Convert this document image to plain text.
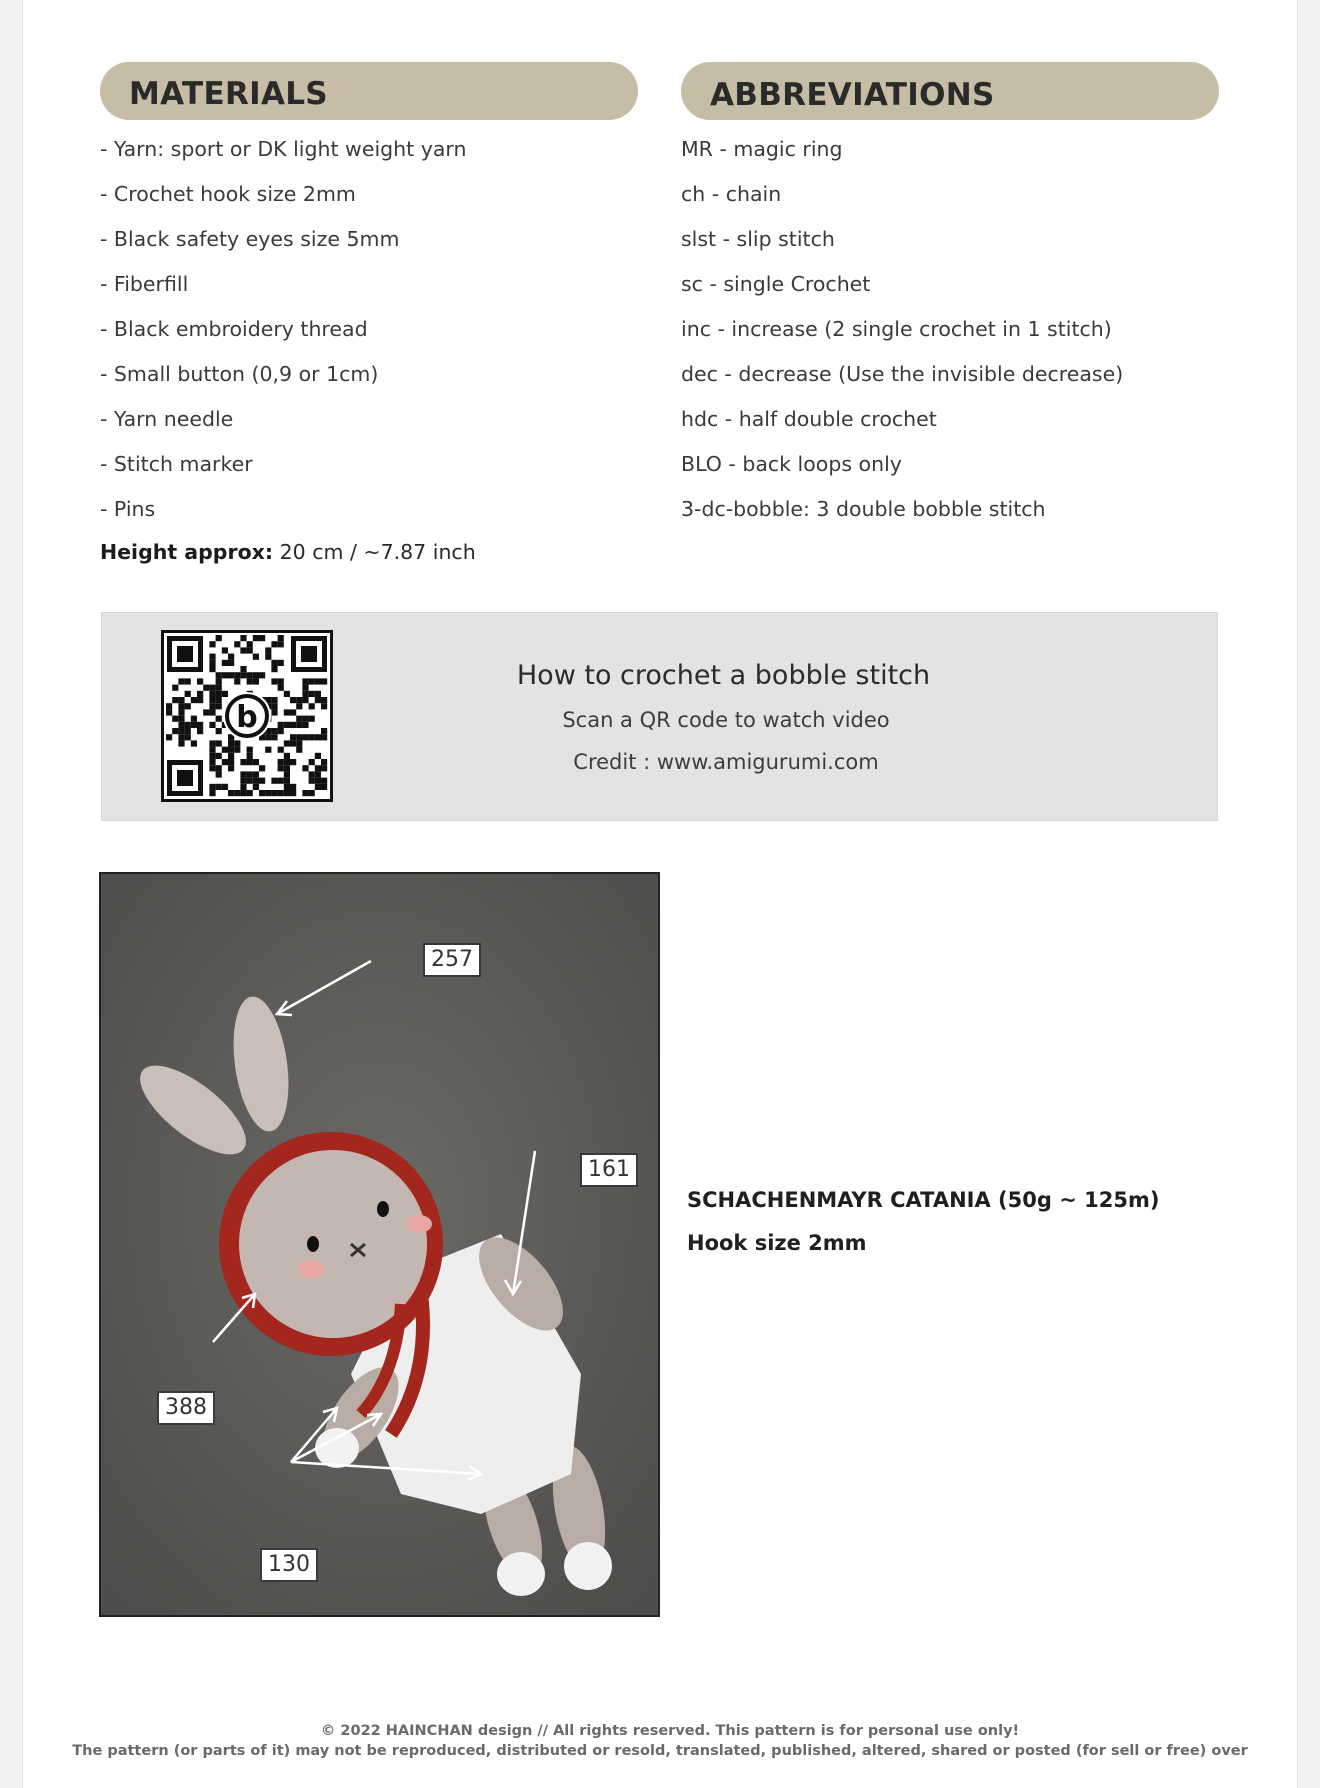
MATERIALS	ABBREVIATIONS
- Yarn: sport or DK light weight yarn
- Crochet hook size 2mm
- Black safety eyes size 5mm
- Fiberfill
- Black embroidery thread
- Small button (0,9 or 1cm)
- Yarn needle
- Stitch marker
- Pins
Height approx: 20 cm / ~7.87 inch
MR - magic ring
ch - chain
slst - slip stitch
sc - single Crochet
inc - increase (2 single crochet in 1 stitch)
dec - decrease (Use the invisible decrease)
hdc - half double crochet
BLO - back loops only
3-dc-bobble: 3 double bobble stitch
b
How to crochet a bobble stitch
Scan a QR code to watch video
Credit : www.amigurumi.com
257
161
388
130
SCHACHENMAYR CATANIA (50g ~ 125m)
Hook size 2mm
© 2022 HAINCHAN design // All rights reserved. This pattern is for personal use only!
The pattern (or parts of it) may not be reproduced, distributed or resold, translated, published, altered, shared or posted (for sell or free) over
